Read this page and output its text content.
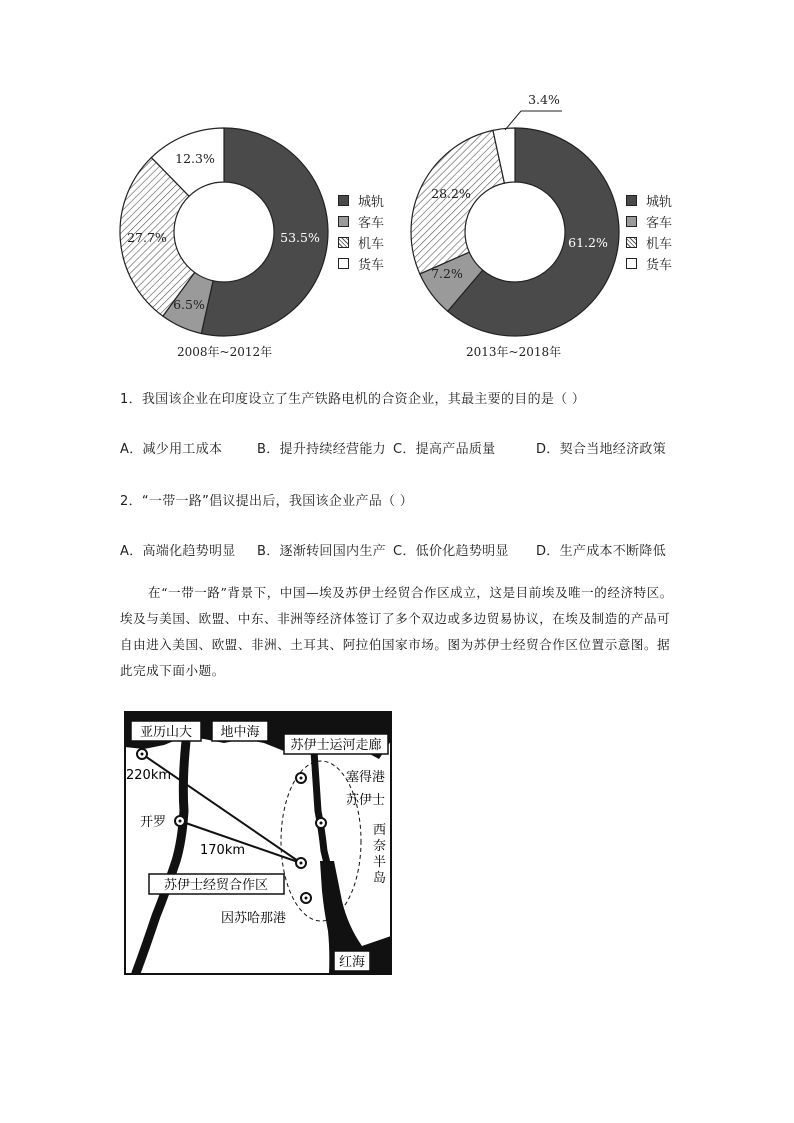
53.5%
6.5%
27.7%
12.3%
61.2%
7.2%
28.2%
3.4%
2008年~2012年	2013年~2018年
城轨
客车
机车
货车
城轨
客车
机车
货车
1．我国该企业在印度设立了生产铁路电机的合资企业，其最主要的目的是（ ）
A．减少用工成本	B．提升持续经营能力 C．提高产品质量	D．契合当地经济政策
2．“一带一路”倡议提出后，我国该企业产品（ ）
A．高端化趋势明显 B．逐渐转回国内生产 C．低价化趋势明显 D．生产成本不断降低
在“一带一路”背景下，中国—埃及苏伊士经贸合作区成立，这是目前埃及唯一的经济特区。埃及与美国、欧盟、中东、非洲等经济体签订了多个双边或多边贸易协议，在埃及制造的产品可自由进入美国、欧盟、非洲、土耳其、阿拉伯国家市场。图为苏伊士经贸合作区位置示意图。据此完成下面小题。
亚历山大 地中海
苏伊士运河走廊
塞得港
苏伊士
开罗
220km
170km
苏伊士经贸合作区
因苏哈那港
红海
西奈半岛
